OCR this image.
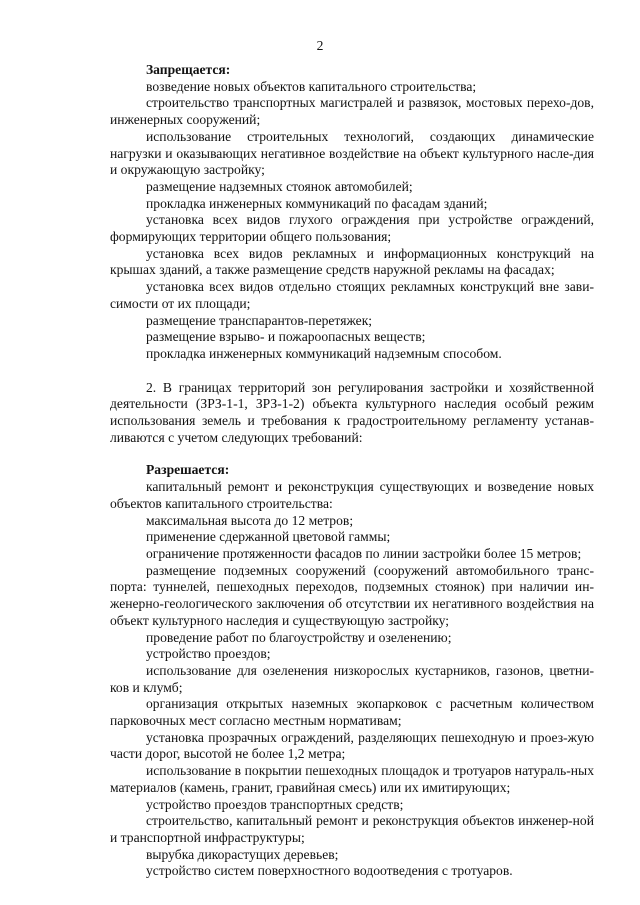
2

Запрещается:

возведение новых объектов капитального строительства;

строительство транспортных магистралей и развязок, мостовых перехо-дов, инженерных сооружений;

использование строительных технологий, создающих динамические нагрузки и оказывающих негативное воздействие на объект культурного насле-дия и окружающую застройку;

размещение надземных стоянок автомобилей;

прокладка инженерных коммуникаций по фасадам зданий;

установка всех видов глухого ограждения при устройстве ограждений, формирующих территории общего пользования;

установка всех видов рекламных и информационных конструкций на крышах зданий, а также размещение средств наружной рекламы на фасадах;

установка всех видов отдельно стоящих рекламных конструкций вне зави-симости от их площади;

размещение транспарантов-перетяжек;

размещение взрыво- и пожароопасных веществ;

прокладка инженерных коммуникаций надземным способом.

2. В границах территорий зон регулирования застройки и хозяйственной деятельности (ЗРЗ-1-1, ЗРЗ-1-2) объекта культурного наследия особый режим использования земель и требования к градостроительному регламенту устанав-ливаются с учетом следующих требований:

Разрешается:

капитальный ремонт и реконструкция существующих и возведение новых объектов капитального строительства:

максимальная высота до 12 метров;

применение сдержанной цветовой гаммы;

ограничение протяженности фасадов по линии застройки более 15 метров;

размещение подземных сооружений (сооружений автомобильного транс-порта: туннелей, пешеходных переходов, подземных стоянок) при наличии ин-женерно-геологического заключения об отсутствии их негативного воздействия на объект культурного наследия и существующую застройку;

проведение работ по благоустройству и озеленению;

устройство проездов;

использование для озеленения низкорослых кустарников, газонов, цветни-ков и клумб;

организация открытых наземных экопарковок с расчетным количеством парковочных мест согласно местным нормативам;

установка прозрачных ограждений, разделяющих пешеходную и проез-жую части дорог, высотой не более 1,2 метра;

использование в покрытии пешеходных площадок и тротуаров натураль-ных материалов (камень, гранит, гравийная смесь) или их имитирующих;

устройство проездов транспортных средств;

строительство, капитальный ремонт и реконструкция объектов инженер-ной и транспортной инфраструктуры;

вырубка дикорастущих деревьев;

устройство систем поверхностного водоотведения с тротуаров.
